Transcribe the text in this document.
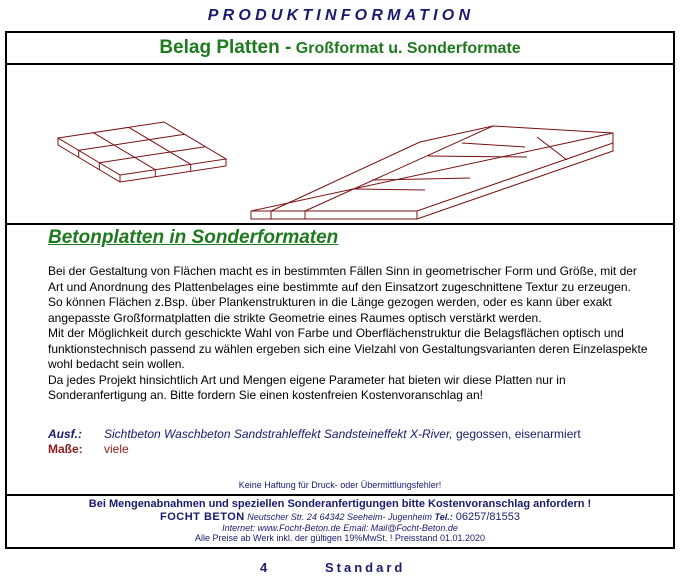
PRODUKTINFORMATION
Belag Platten - Großformat u. Sonderformate
Betonplatten in Sonderformaten

Bei der Gestaltung von Flächen macht es in bestimmten Fällen Sinn in geometrischer Form und Größe, mit der Art und Anordnung des Plattenbelages eine bestimmte auf den Einsatzort zugeschnittene Textur zu erzeugen. So können Flächen z.Bsp. über Plankenstrukturen in die Länge gezogen werden, oder es kann über exakt angepasste Großformatplatten die strikte Geometrie eines Raumes optisch verstärkt werden.

Mit der Möglichkeit durch geschickte Wahl von Farbe und Oberflächenstruktur die Belagsflächen optisch und funktionstechnisch passend zu wählen ergeben sich eine Vielzahl von Gestaltungsvarianten deren Einzelaspekte wohl bedacht sein wollen.

Da jedes Projekt hinsichtlich Art und Mengen eigene Parameter hat bieten wir diese Platten nur in Sonderanfertigung an. Bitte fordern Sie einen kostenfreien Kostenvoranschlag an!

Ausf.: Sichtbeton Waschbeton Sandstrahleffekt Sandsteineffekt X-River, gegossen, eisenarmiert
Maße: viele
Keine Haftung für Druck- oder Übermittlungsfehler!
Bei Mengenabnahmen und speziellen Sonderanfertigungen bitte Kostenvoranschlag anfordern !
FOCHT BETON Neutscher Str. 24 64342 Seeheim- Jugenheim Tel.: 06257/81553
Internet: www.Focht-Beton.de Email: Mail@Focht-Beton.de
Alle Preise ab Werk inkl. der gültigen 19%MwSt. ! Preisstand 01.01.2020
4	Standard
